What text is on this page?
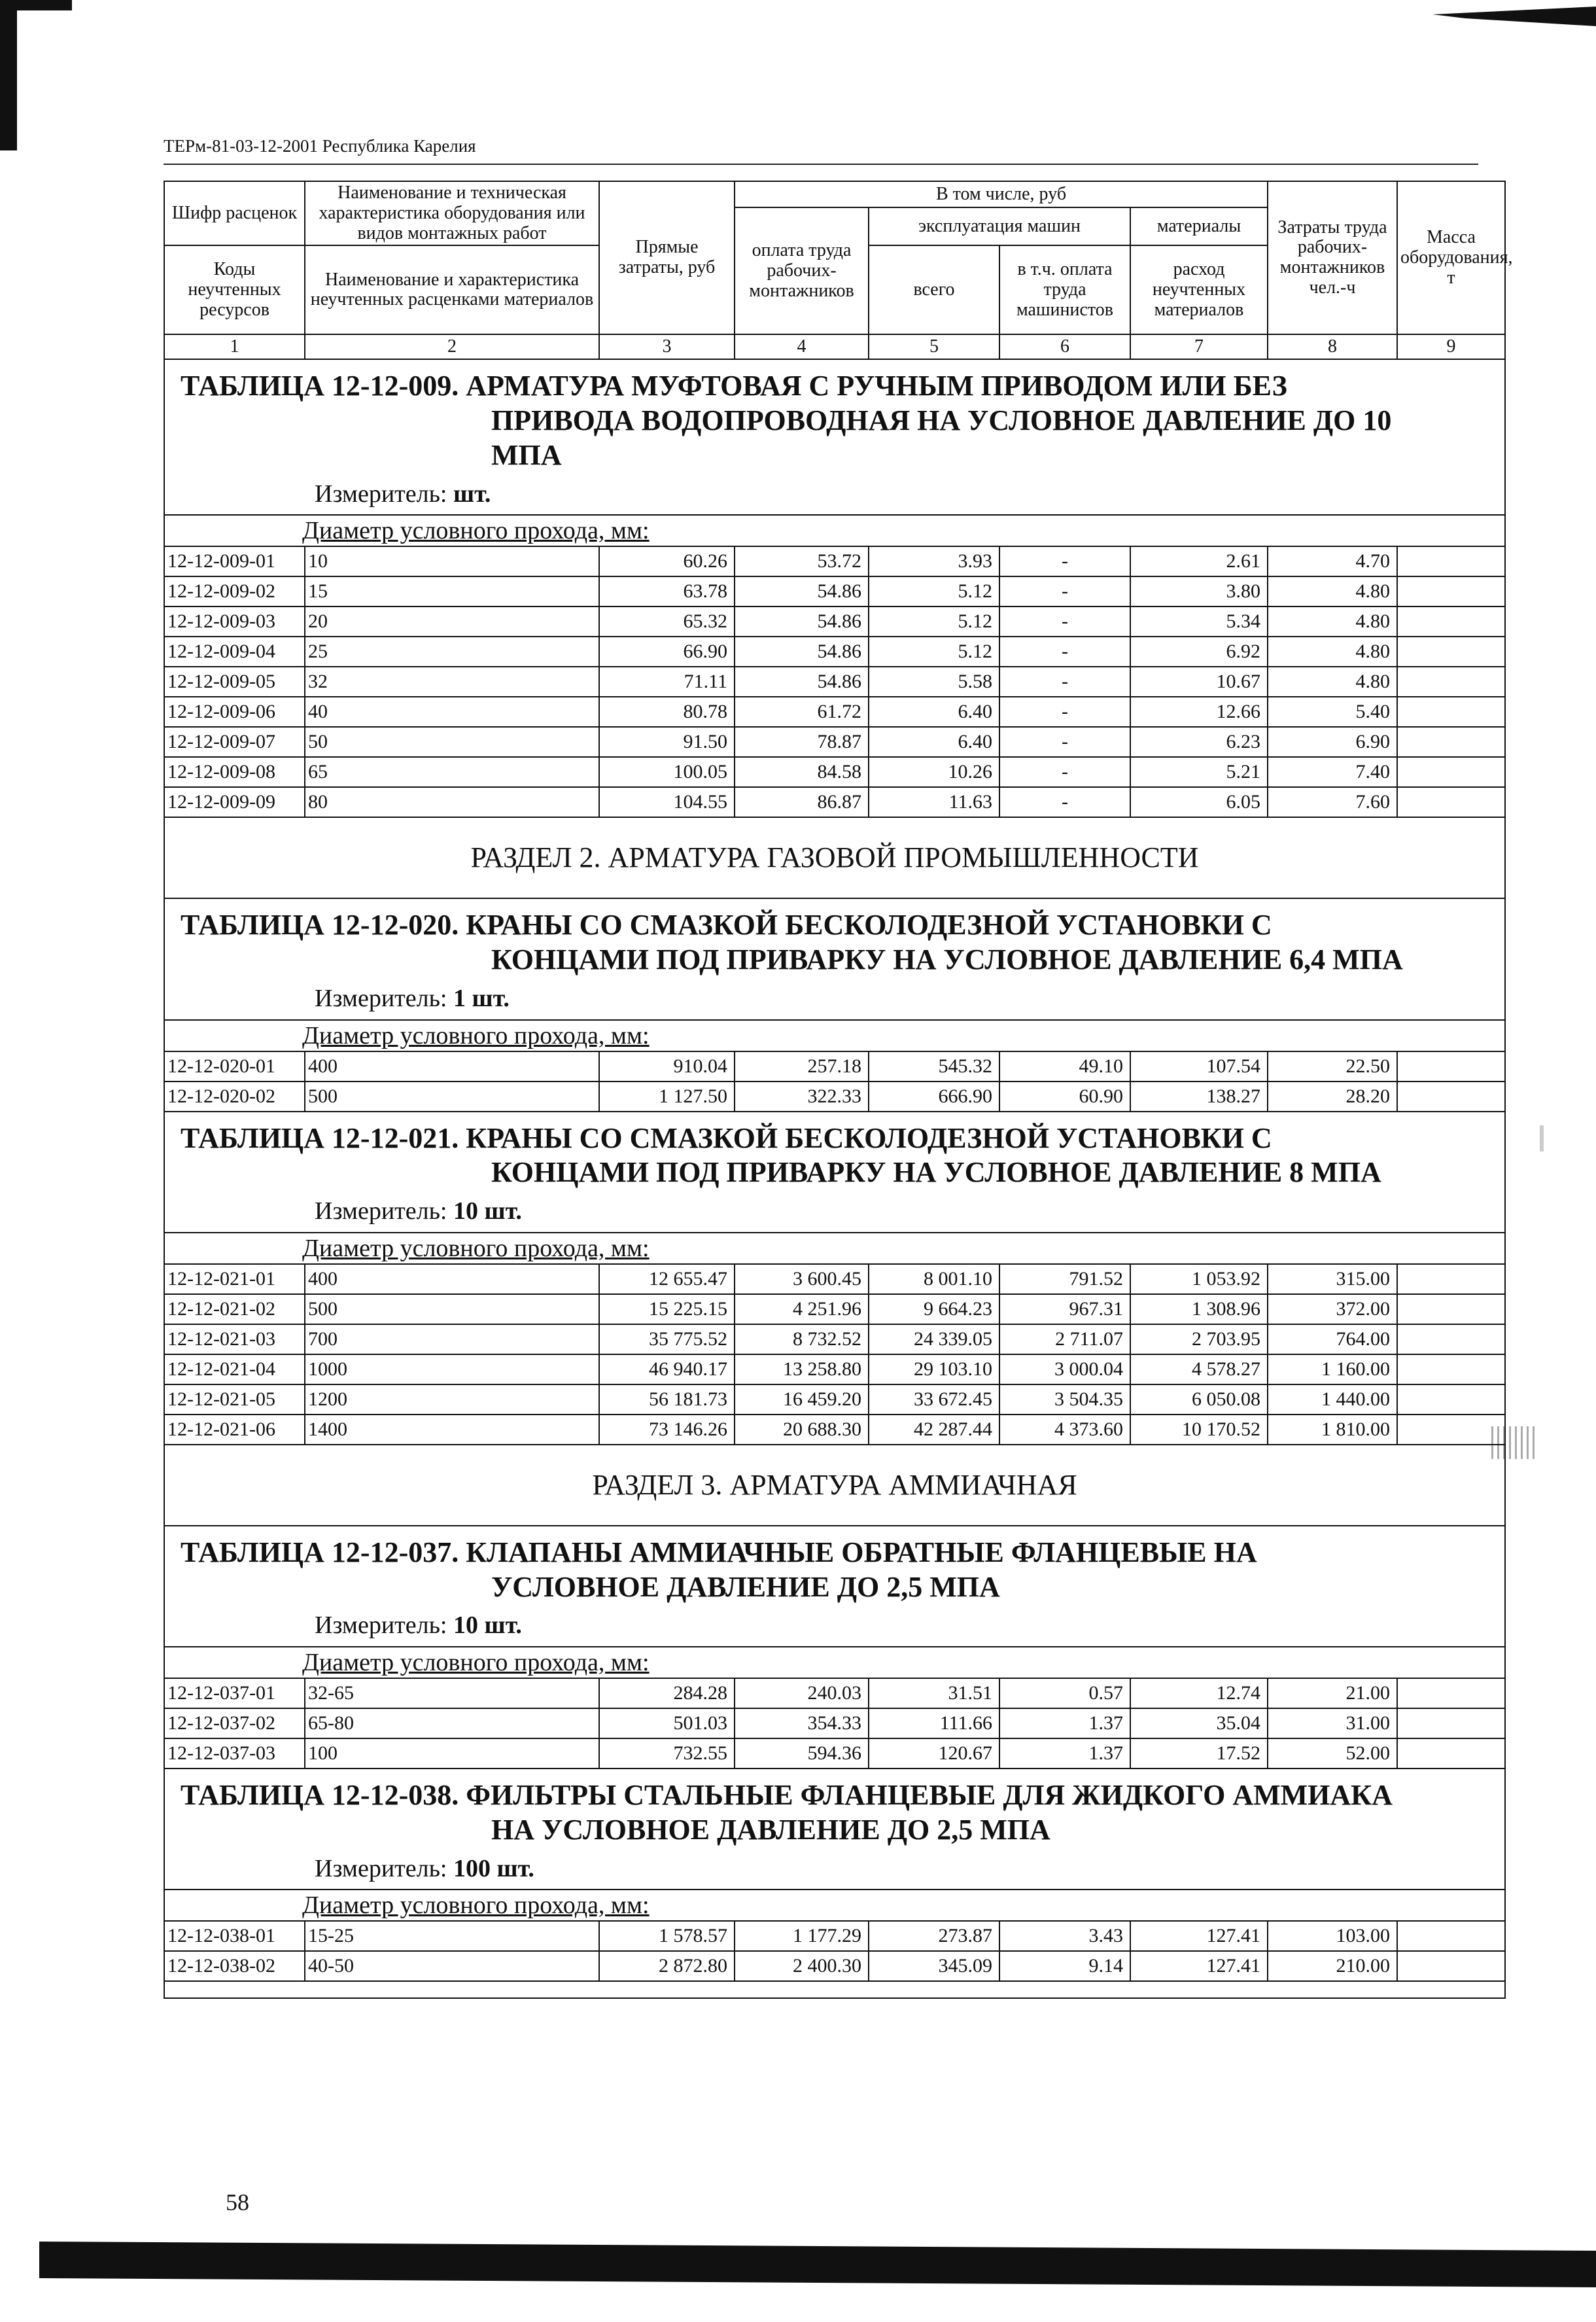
ТЕРм-81-03-12-2001 Республика Карелия
Шифр расценок	Наименование и техническая характеристика оборудования или видов монтажных работ	Прямые затраты, руб	В том числе, руб				Затраты труда рабочих-монтажников чел.-ч	Масса оборудования, т
			оплата труда рабочих-монтажников	эксплуатация машин		материалы		
Коды неучтенных ресурсов	Наименование и характеристика неучтенных расценками материалов			всего	в т.ч. оплата труда машинистов	расход неучтенных материалов		

1	2	3	4	5	6	7	8	9

ТАБЛИЦА 12-12-009. АРМАТУРА МУФТОВАЯ С РУЧНЫМ ПРИВОДОМ ИЛИ БЕЗ
ПРИВОДА ВОДОПРОВОДНАЯ НА УСЛОВНОЕ ДАВЛЕНИЕ ДО 10
МПА
Измеритель: шт.								

Диаметр условного прохода, мм:								
12-12-009-01	10	60.26	53.72	3.93	-	2.61	4.70	
12-12-009-02	15	63.78	54.86	5.12	-	3.80	4.80	
12-12-009-03	20	65.32	54.86	5.12	-	5.34	4.80	
12-12-009-04	25	66.90	54.86	5.12	-	6.92	4.80	
12-12-009-05	32	71.11	54.86	5.58	-	10.67	4.80	
12-12-009-06	40	80.78	61.72	6.40	-	12.66	5.40	
12-12-009-07	50	91.50	78.87	6.40	-	6.23	6.90	
12-12-009-08	65	100.05	84.58	10.26	-	5.21	7.40	
12-12-009-09	80	104.55	86.87	11.63	-	6.05	7.60	
РАЗДЕЛ 2. АРМАТУРА ГАЗОВОЙ ПРОМЫШЛЕННОСТИ								

ТАБЛИЦА 12-12-020. КРАНЫ СО СМАЗКОЙ БЕСКОЛОДЕЗНОЙ УСТАНОВКИ С
КОНЦАМИ ПОД ПРИВАРКУ НА УСЛОВНОЕ ДАВЛЕНИЕ 6,4 МПА
Измеритель: 1 шт.								

Диаметр условного прохода, мм:								
12-12-020-01	400	910.04	257.18	545.32	49.10	107.54	22.50	
12-12-020-02	500	1 127.50	322.33	666.90	60.90	138.27	28.20	

ТАБЛИЦА 12-12-021. КРАНЫ СО СМАЗКОЙ БЕСКОЛОДЕЗНОЙ УСТАНОВКИ С
КОНЦАМИ ПОД ПРИВАРКУ НА УСЛОВНОЕ ДАВЛЕНИЕ 8 МПА
Измеритель: 10 шт.								

Диаметр условного прохода, мм:								
12-12-021-01	400	12 655.47	3 600.45	8 001.10	791.52	1 053.92	315.00	
12-12-021-02	500	15 225.15	4 251.96	9 664.23	967.31	1 308.96	372.00	
12-12-021-03	700	35 775.52	8 732.52	24 339.05	2 711.07	2 703.95	764.00	
12-12-021-04	1000	46 940.17	13 258.80	29 103.10	3 000.04	4 578.27	1 160.00	
12-12-021-05	1200	56 181.73	16 459.20	33 672.45	3 504.35	6 050.08	1 440.00	
12-12-021-06	1400	73 146.26	20 688.30	42 287.44	4 373.60	10 170.52	1 810.00	
РАЗДЕЛ 3. АРМАТУРА АММИАЧНАЯ								

ТАБЛИЦА 12-12-037. КЛАПАНЫ АММИАЧНЫЕ ОБРАТНЫЕ ФЛАНЦЕВЫЕ НА
УСЛОВНОЕ ДАВЛЕНИЕ ДО 2,5 МПА
Измеритель: 10 шт.								

Диаметр условного прохода, мм:								
12-12-037-01	32-65	284.28	240.03	31.51	0.57	12.74	21.00	
12-12-037-02	65-80	501.03	354.33	111.66	1.37	35.04	31.00	
12-12-037-03	100	732.55	594.36	120.67	1.37	17.52	52.00	

ТАБЛИЦА 12-12-038. ФИЛЬТРЫ СТАЛЬНЫЕ ФЛАНЦЕВЫЕ ДЛЯ ЖИДКОГО АММИАКА
НА УСЛОВНОЕ ДАВЛЕНИЕ ДО 2,5 МПА
Измеритель: 100 шт.								

Диаметр условного прохода, мм:								
12-12-038-01	15-25	1 578.57	1 177.29	273.87	3.43	127.41	103.00	
12-12-038-02	40-50	2 872.80	2 400.30	345.09	9.14	127.41	210.00	

58
